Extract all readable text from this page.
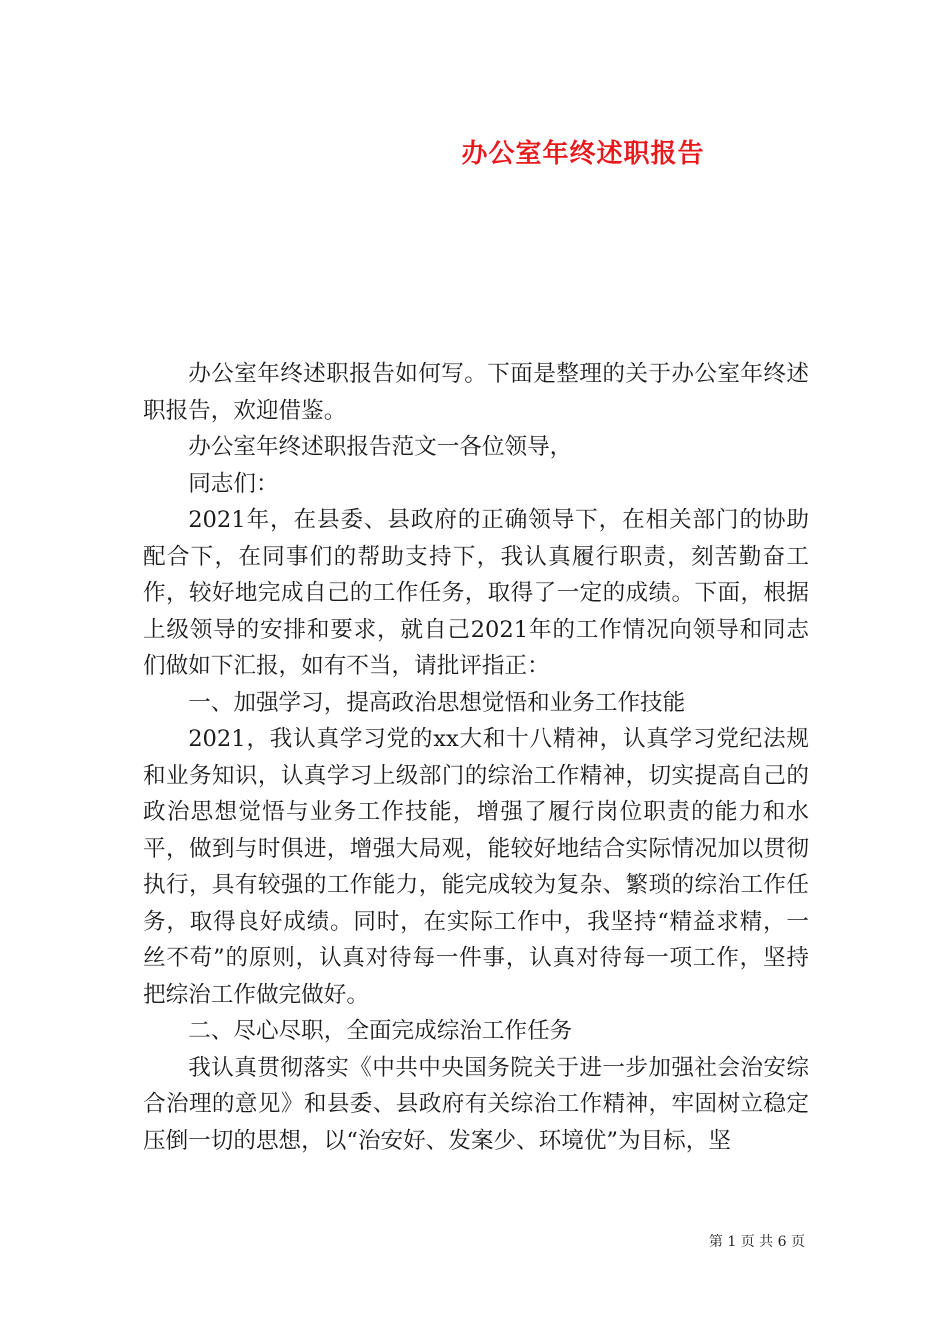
办公室年终述职报告

办公室年终述职报告如何写。下面是整理的关于办公室年终述职报告，欢迎借鉴。

办公室年终述职报告范文一各位领导，

同志们：

2021年，在县委、县政府的正确领导下，在相关部门的协助配合下，在同事们的帮助支持下，我认真履行职责，刻苦勤奋工作，较好地完成自己的工作任务，取得了一定的成绩。下面，根据上级领导的安排和要求，就自己2021年的工作情况向领导和同志们做如下汇报，如有不当，请批评指正：

一、加强学习，提高政治思想觉悟和业务工作技能

2021，我认真学习党的xx大和十八精神，认真学习党纪法规和业务知识，认真学习上级部门的综治工作精神，切实提高自己的政治思想觉悟与业务工作技能，增强了履行岗位职责的能力和水平，做到与时俱进，增强大局观，能较好地结合实际情况加以贯彻执行，具有较强的工作能力，能完成较为复杂、繁琐的综治工作任务，取得良好成绩。同时，在实际工作中，我坚持“精益求精，一丝不苟”的原则，认真对待每一件事，认真对待每一项工作，坚持把综治工作做完做好。

二、尽心尽职，全面完成综治工作任务

我认真贯彻落实《中共中央国务院关于进一步加强社会治安综合治理的意见》和县委、县政府有关综治工作精神，牢固树立稳定压倒一切的思想，以“治安好、发案少、环境优”为目标，坚

第 1 页 共 6 页
